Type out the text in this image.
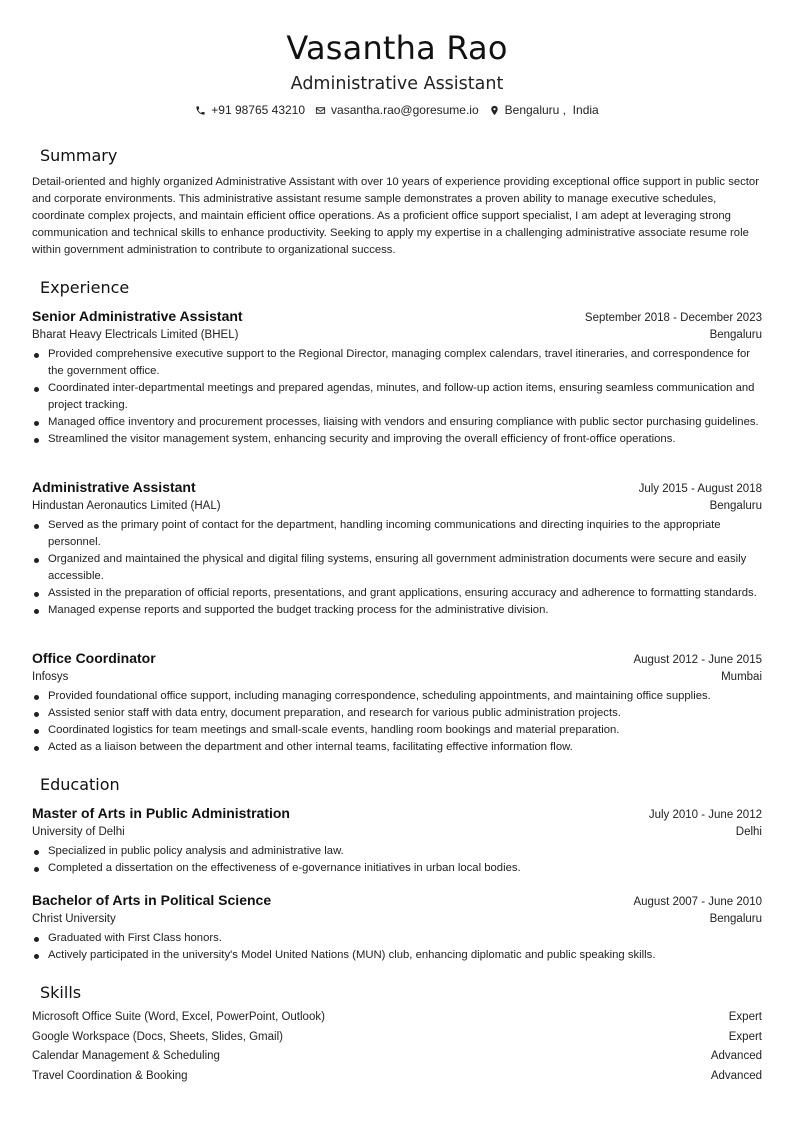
Vasantha Rao
Administrative Assistant
+91 98765 43210 vasantha.rao@goresume.io Bengaluru ,  India
Summary
Detail-oriented and highly organized Administrative Assistant with over 10 years of experience providing exceptional office support in public sector and corporate environments. This administrative assistant resume sample demonstrates a proven ability to manage executive schedules, coordinate complex projects, and maintain efficient office operations. As a proficient office support specialist, I am adept at leveraging strong communication and technical skills to enhance productivity. Seeking to apply my expertise in a challenging administrative associate resume role within government administration to contribute to organizational success.
Experience
Senior Administrative Assistant	September 2018 - December 2023
Bharat Heavy Electricals Limited (BHEL)	Bengaluru
Provided comprehensive executive support to the Regional Director, managing complex calendars, travel itineraries, and correspondence for the government office.
Coordinated inter-departmental meetings and prepared agendas, minutes, and follow-up action items, ensuring seamless communication and project tracking.
Managed office inventory and procurement processes, liaising with vendors and ensuring compliance with public sector purchasing guidelines.
Streamlined the visitor management system, enhancing security and improving the overall efficiency of front-office operations.
Administrative Assistant	July 2015 - August 2018
Hindustan Aeronautics Limited (HAL)	Bengaluru
Served as the primary point of contact for the department, handling incoming communications and directing inquiries to the appropriate personnel.
Organized and maintained the physical and digital filing systems, ensuring all government administration documents were secure and easily accessible.
Assisted in the preparation of official reports, presentations, and grant applications, ensuring accuracy and adherence to formatting standards.
Managed expense reports and supported the budget tracking process for the administrative division.
Office Coordinator	August 2012 - June 2015
Infosys	Mumbai
Provided foundational office support, including managing correspondence, scheduling appointments, and maintaining office supplies.
Assisted senior staff with data entry, document preparation, and research for various public administration projects.
Coordinated logistics for team meetings and small-scale events, handling room bookings and material preparation.
Acted as a liaison between the department and other internal teams, facilitating effective information flow.
Education
Master of Arts in Public Administration	July 2010 - June 2012
University of Delhi	Delhi
Specialized in public policy analysis and administrative law.
Completed a dissertation on the effectiveness of e-governance initiatives in urban local bodies.
Bachelor of Arts in Political Science	August 2007 - June 2010
Christ University	Bengaluru
Graduated with First Class honors.
Actively participated in the university's Model United Nations (MUN) club, enhancing diplomatic and public speaking skills.
Skills
Microsoft Office Suite (Word, Excel, PowerPoint, Outlook)	Expert
Google Workspace (Docs, Sheets, Slides, Gmail)	Expert
Calendar Management & Scheduling	Advanced
Travel Coordination & Booking	Advanced
